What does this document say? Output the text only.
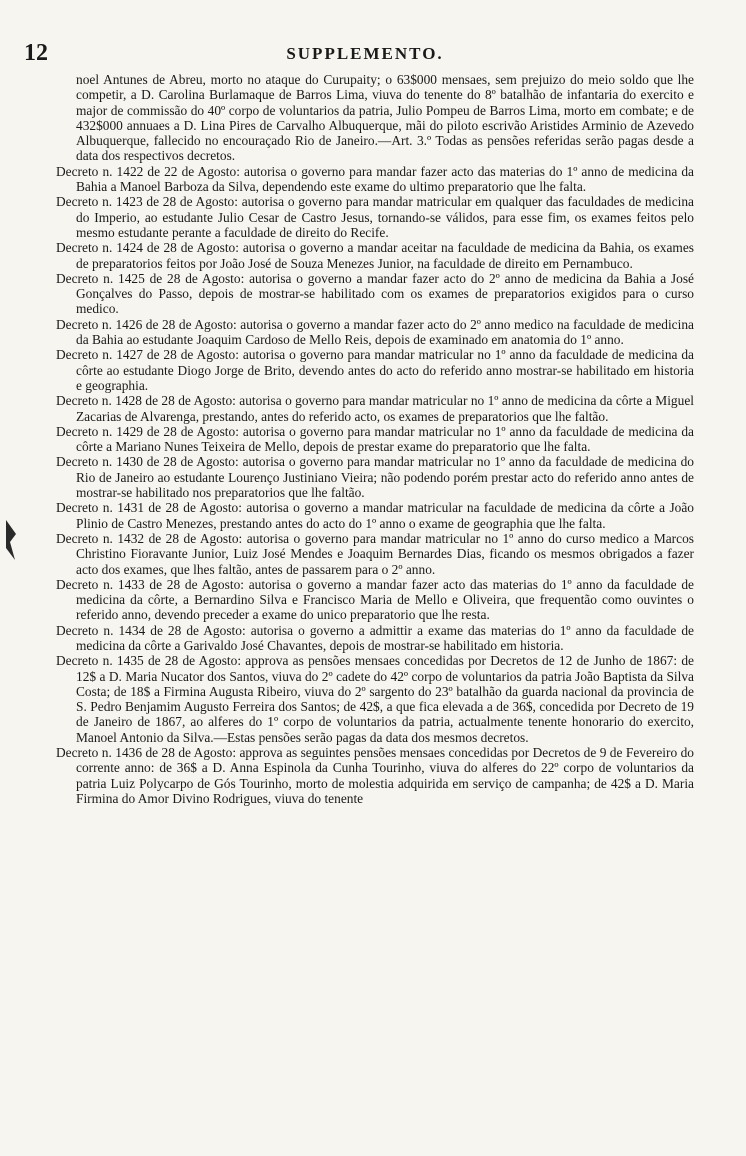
12	SUPPLEMENTO.

noel Antunes de Abreu, morto no ataque do Curupaity; o 63$000 mensaes, sem prejuizo do meio soldo que lhe competir, a D. Carolina Burlamaque de Barros Lima, viuva do tenente do 8º batalhão de infantaria do exercito e major de commissão do 40º corpo de voluntarios da patria, Julio Pompeu de Barros Lima, morto em combate; e de 432$000 annuaes a D. Lina Pires de Carvalho Albuquerque, mãi do piloto escrivão Aristides Arminio de Azevedo Albuquerque, fallecido no encouraçado Rio de Janeiro.—Art. 3.º Todas as pensões referidas serão pagas desde a data dos respectivos decretos.

Decreto n. 1422 de 22 de Agosto: autorisa o governo para mandar fazer acto das materias do 1º anno de medicina da Bahia a Manoel Barboza da Silva, dependendo este exame do ultimo preparatorio que lhe falta.

Decreto n. 1423 de 28 de Agosto: autorisa o governo para mandar matricular em qualquer das faculdades de medicina do Imperio, ao estudante Julio Cesar de Castro Jesus, tornando-se válidos, para esse fim, os exames feitos pelo mesmo estudante perante a faculdade de direito do Recife.

Decreto n. 1424 de 28 de Agosto: autorisa o governo a mandar aceitar na faculdade de medicina da Bahia, os exames de preparatorios feitos por João José de Souza Menezes Junior, na faculdade de direito em Pernambuco.

Decreto n. 1425 de 28 de Agosto: autorisa o governo a mandar fazer acto do 2º anno de medicina da Bahia a José Gonçalves do Passo, depois de mostrar-se habilitado com os exames de preparatorios exigidos para o curso medico.

Decreto n. 1426 de 28 de Agosto: autorisa o governo a mandar fazer acto do 2º anno medico na faculdade de medicina da Bahia ao estudante Joaquim Cardoso de Mello Reis, depois de examinado em anatomia do 1º anno.

Decreto n. 1427 de 28 de Agosto: autorisa o governo para mandar matricular no 1º anno da faculdade de medicina da côrte ao estudante Diogo Jorge de Brito, devendo antes do acto do referido anno mostrar-se habilitado em historia e geographia.

Decreto n. 1428 de 28 de Agosto: autorisa o governo para mandar matricular no 1º anno de medicina da côrte a Miguel Zacarias de Alvarenga, prestando, antes do referido acto, os exames de preparatorios que lhe faltão.

Decreto n. 1429 de 28 de Agosto: autorisa o governo para mandar matricular no 1º anno da faculdade de medicina da côrte a Mariano Nunes Teixeira de Mello, depois de prestar exame do preparatorio que lhe falta.

Decreto n. 1430 de 28 de Agosto: autorisa o governo para mandar matricular no 1º anno da faculdade de medicina do Rio de Janeiro ao estudante Lourenço Justiniano Vieira; não podendo porém prestar acto do referido anno antes de mostrar-se habilitado nos preparatorios que lhe faltão.

Decreto n. 1431 de 28 de Agosto: autorisa o governo a mandar matricular na faculdade de medicina da côrte a João Plinio de Castro Menezes, prestando antes do acto do 1º anno o exame de geographia que lhe falta.

Decreto n. 1432 de 28 de Agosto: autorisa o governo para mandar matricular no 1º anno do curso medico a Marcos Christino Fioravante Junior, Luiz José Mendes e Joaquim Bernardes Dias, ficando os mesmos obrigados a fazer acto dos exames, que lhes faltão, antes de passarem para o 2º anno.

Decreto n. 1433 de 28 de Agosto: autorisa o governo a mandar fazer acto das materias do 1º anno da faculdade de medicina da côrte, a Bernardino Silva e Francisco Maria de Mello e Oliveira, que frequentão como ouvintes o referido anno, devendo preceder a exame do unico preparatorio que lhe resta.

Decreto n. 1434 de 28 de Agosto: autorisa o governo a admittir a exame das materias do 1º anno da faculdade de medicina da côrte a Garivaldo José Chavantes, depois de mostrar-se habilitado em historia.

Decreto n. 1435 de 28 de Agosto: approva as pensões mensaes concedidas por Decretos de 12 de Junho de 1867: de 12$ a D. Maria Nucator dos Santos, viuva do 2º cadete do 42º corpo de voluntarios da patria João Baptista da Silva Costa; de 18$ a Firmina Augusta Ribeiro, viuva do 2º sargento do 23º batalhão da guarda nacional da provincia de S. Pedro Benjamim Augusto Ferreira dos Santos; de 42$, a que fica elevada a de 36$, concedida por Decreto de 19 de Janeiro de 1867, ao alferes do 1º corpo de voluntarios da patria, actualmente tenente honorario do exercito, Manoel Antonio da Silva.—Estas pensões serão pagas da data dos mesmos decretos.

Decreto n. 1436 de 28 de Agosto: approva as seguintes pensões mensaes concedidas por Decretos de 9 de Fevereiro do corrente anno: de 36$ a D. Anna Espinola da Cunha Tourinho, viuva do alferes do 22º corpo de voluntarios da patria Luiz Polycarpo de Gós Tourinho, morto de molestia adquirida em serviço de campanha; de 42$ a D. Maria Firmina do Amor Divino Rodrigues, viuva do tenente
